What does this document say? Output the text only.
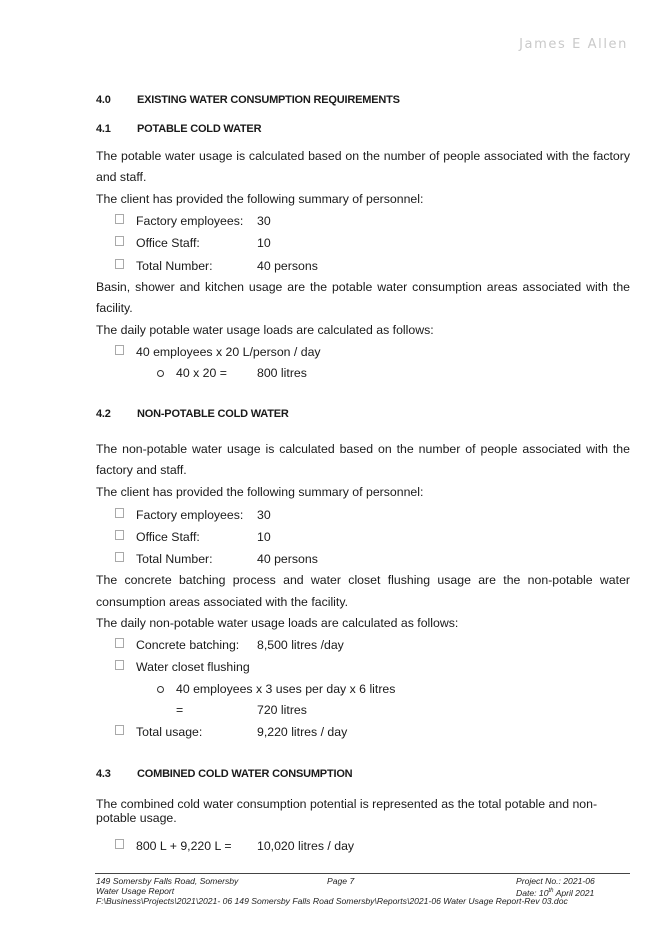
James E Allen
4.0 EXISTING WATER CONSUMPTION REQUIREMENTS
4.1 POTABLE COLD WATER
The potable water usage is calculated based on the number of people associated with the factory
and staff.
The client has provided the following summary of personnel:
Factory employees: 30
Office Staff:	10
Total Number:	40 persons
Basin, shower and kitchen usage are the potable water consumption areas associated with the
facility.
The daily potable water usage loads are calculated as follows:
40 employees x 20 L/person / day
40 x 20 = 800 litres
4.2 NON-POTABLE COLD WATER
The non-potable water usage is calculated based on the number of people associated with the
factory and staff.
The client has provided the following summary of personnel:
Factory employees: 30
Office Staff:	10
Total Number:	40 persons
The concrete batching process and water closet flushing usage are the non-potable water
consumption areas associated with the facility.
The daily non-potable water usage loads are calculated as follows:
Concrete batching: 8,500 litres /day
Water closet flushing
40 employees x 3 uses per day x 6 litres
=	720 litres
Total usage:	9,220 litres / day
4.3 COMBINED COLD WATER CONSUMPTION
The combined cold water consumption potential is represented as the total potable and non-
potable usage.
800 L + 9,220 L = 10,020 litres / day
149 Somersby Falls Road, Somersby
Water Usage Report
Page 7	Project No.: 2021-06
Date: 10th April 2021
F:\Business\Projects\2021\2021- 06 149 Somersby Falls Road Somersby\Reports\2021-06 Water Usage Report-Rev 03.doc
